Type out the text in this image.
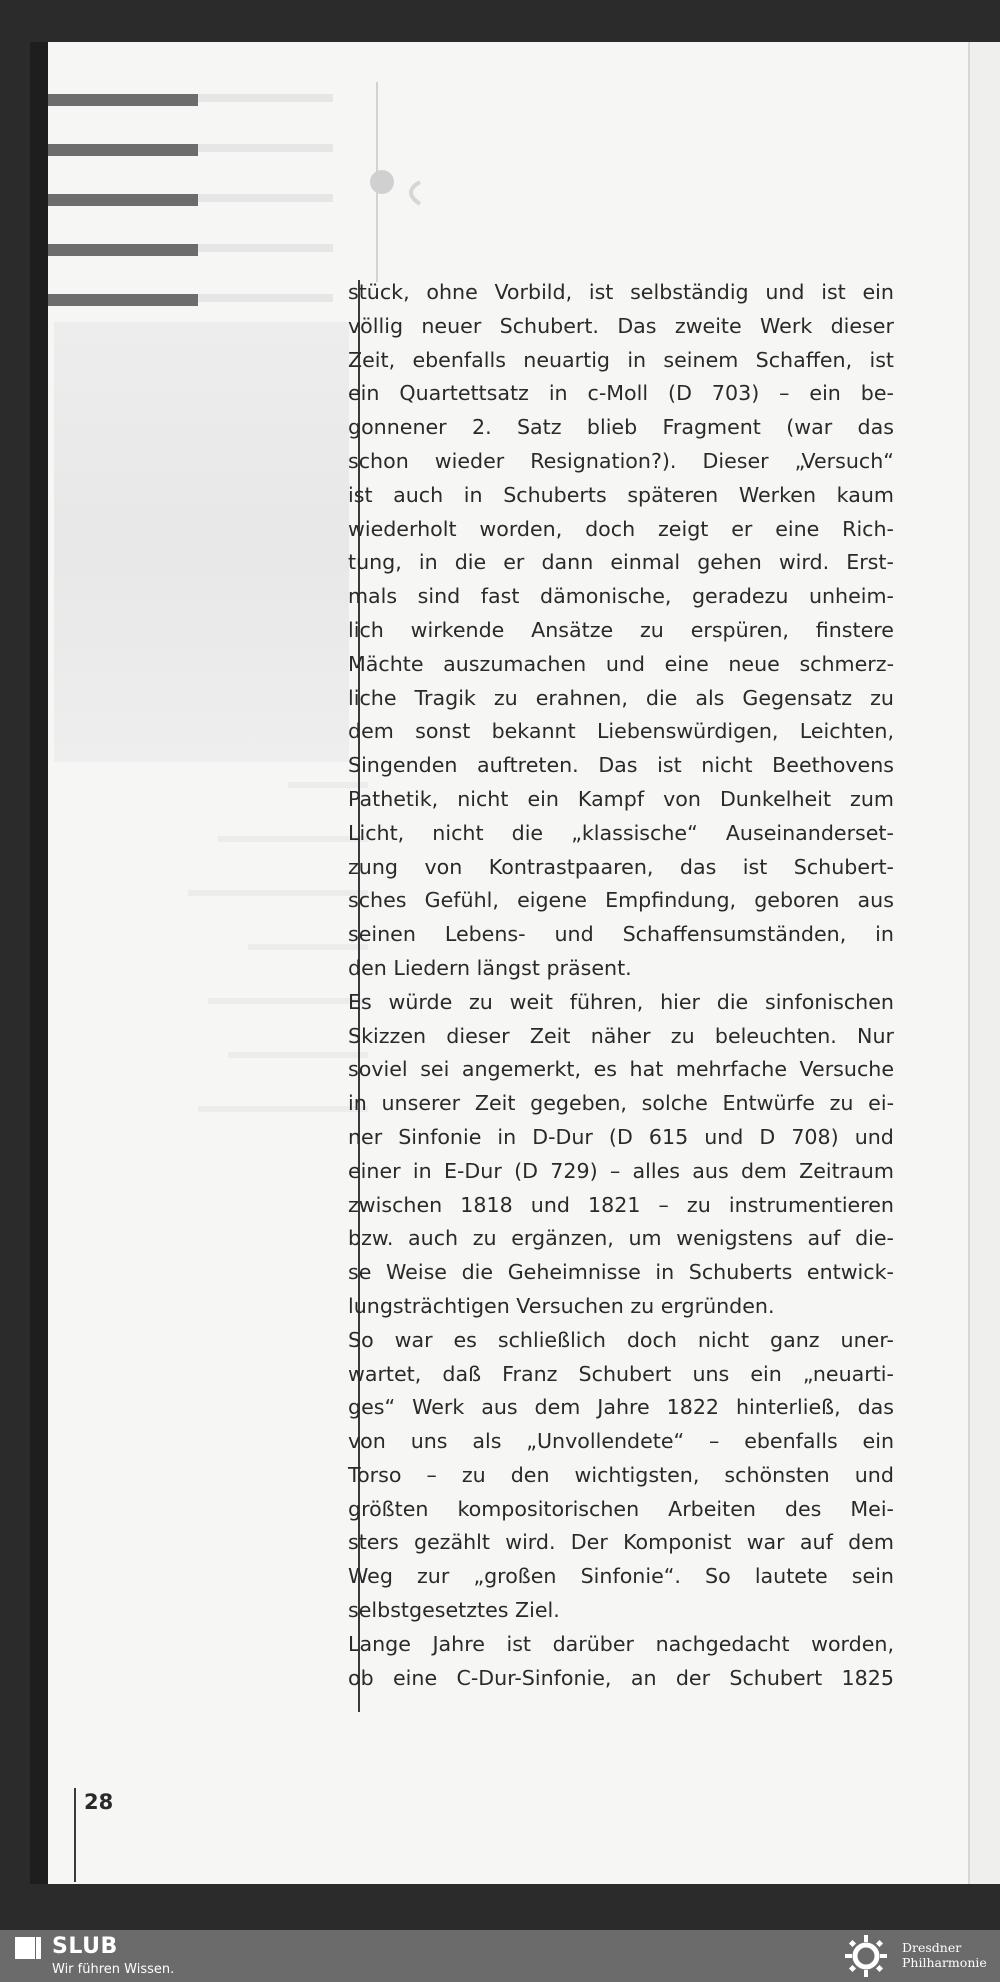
stück, ohne Vorbild, ist selbständig und ist ein
völlig neuer Schubert. Das zweite Werk dieser
Zeit, ebenfalls neuartig in seinem Schaffen, ist
ein Quartettsatz in c-Moll (D 703) – ein be-
gonnener 2. Satz blieb Fragment (war das
schon wieder Resignation?). Dieser „Versuch“
ist auch in Schuberts späteren Werken kaum
wiederholt worden, doch zeigt er eine Rich-
tung, in die er dann einmal gehen wird. Erst-
mals sind fast dämonische, geradezu unheim-
lich wirkende Ansätze zu erspüren, finstere
Mächte auszumachen und eine neue schmerz-
liche Tragik zu erahnen, die als Gegensatz zu
dem sonst bekannt Liebenswürdigen, Leichten,
Singenden auftreten. Das ist nicht Beethovens
Pathetik, nicht ein Kampf von Dunkelheit zum
Licht, nicht die „klassische“ Auseinanderset-
zung von Kontrastpaaren, das ist Schubert-
sches Gefühl, eigene Empfindung, geboren aus
seinen Lebens- und Schaffensumständen, in
den Liedern längst präsent.
Es würde zu weit führen, hier die sinfonischen
Skizzen dieser Zeit näher zu beleuchten. Nur
soviel sei angemerkt, es hat mehrfache Versuche
in unserer Zeit gegeben, solche Entwürfe zu ei-
ner Sinfonie in D-Dur (D 615 und D 708) und
einer in E-Dur (D 729) – alles aus dem Zeitraum
zwischen 1818 und 1821 – zu instrumentieren
bzw. auch zu ergänzen, um wenigstens auf die-
se Weise die Geheimnisse in Schuberts entwick-
lungsträchtigen Versuchen zu ergründen.
So war es schließlich doch nicht ganz uner-
wartet, daß Franz Schubert uns ein „neuarti-
ges“ Werk aus dem Jahre 1822 hinterließ, das
von uns als „Unvollendete“ – ebenfalls ein
Torso – zu den wichtigsten, schönsten und
größten kompositorischen Arbeiten des Mei-
sters gezählt wird. Der Komponist war auf dem
Weg zur „großen Sinfonie“. So lautete sein
selbstgesetztes Ziel.
Lange Jahre ist darüber nachgedacht worden,
ob eine C-Dur-Sinfonie, an der Schubert 1825
28
SLUB
Wir führen Wissen.
Dresdner
Philharmonie
